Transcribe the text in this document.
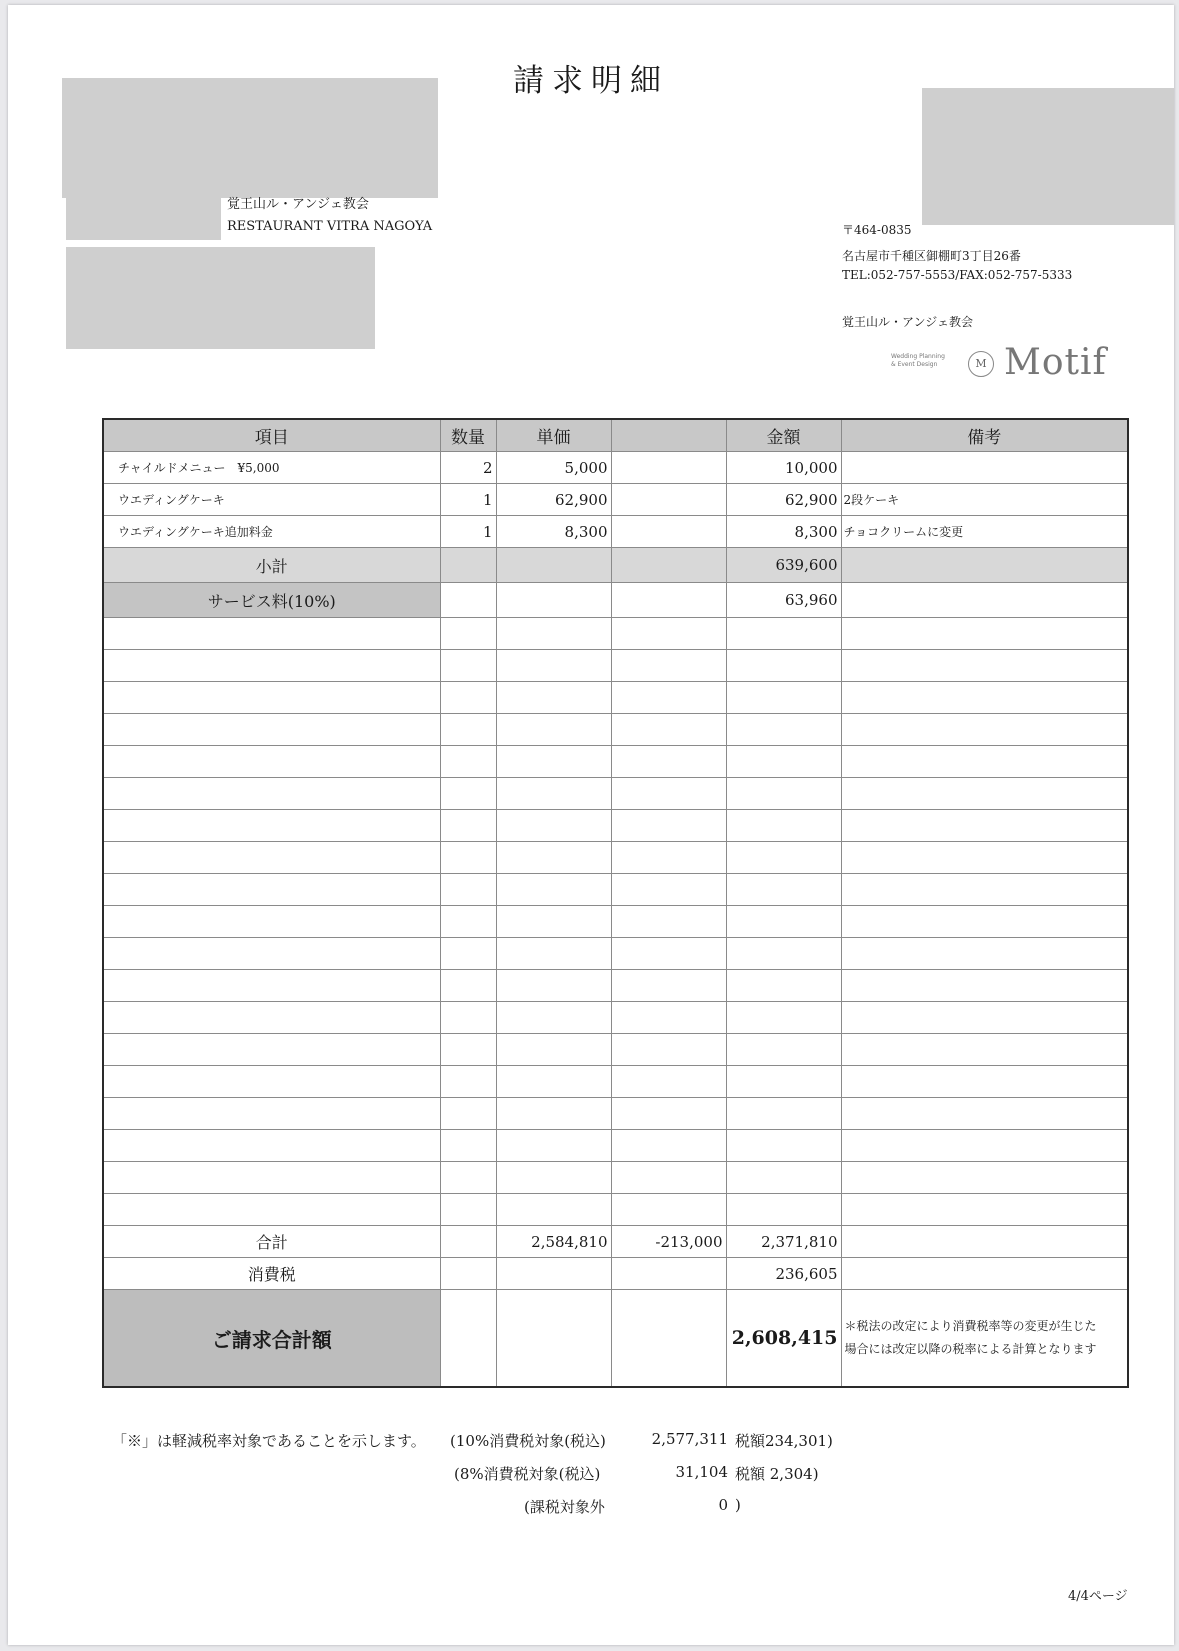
請求明細
覚王山ル・アンジェ教会
RESTAURANT VITRA NAGOYA	〒464-0835
名古屋市千種区御棚町3丁目26番
TEL:052-757-5553/FAX:052-757-5333
覚王山ル・アンジェ教会
Wedding Planning
& Event Design	M Motif
項目	数量	単価		金額	備考
チャイルドメニュー　¥5,000	2	5,000		10,000	
ウエディングケーキ	1	62,900		62,900	2段ケーキ
ウエディングケーキ追加料金	1	8,300		8,300	チョコクリームに変更
小計				639,600	
サービス料(10%)				63,960	

合計		2,584,810	-213,000	2,371,810	
消費税				236,605	
ご請求合計額				2,608,415	＊税法の改定により消費税率等の変更が生じた
場合には改定以降の税率による計算となります
「※」は軽減税率対象であることを示します。 (10%消費税対象(税込)	2,577,311 税額234,301)
(8%消費税対象(税込)	31,104 税額 2,304)
(課税対象外	0 )
4/4ページ
